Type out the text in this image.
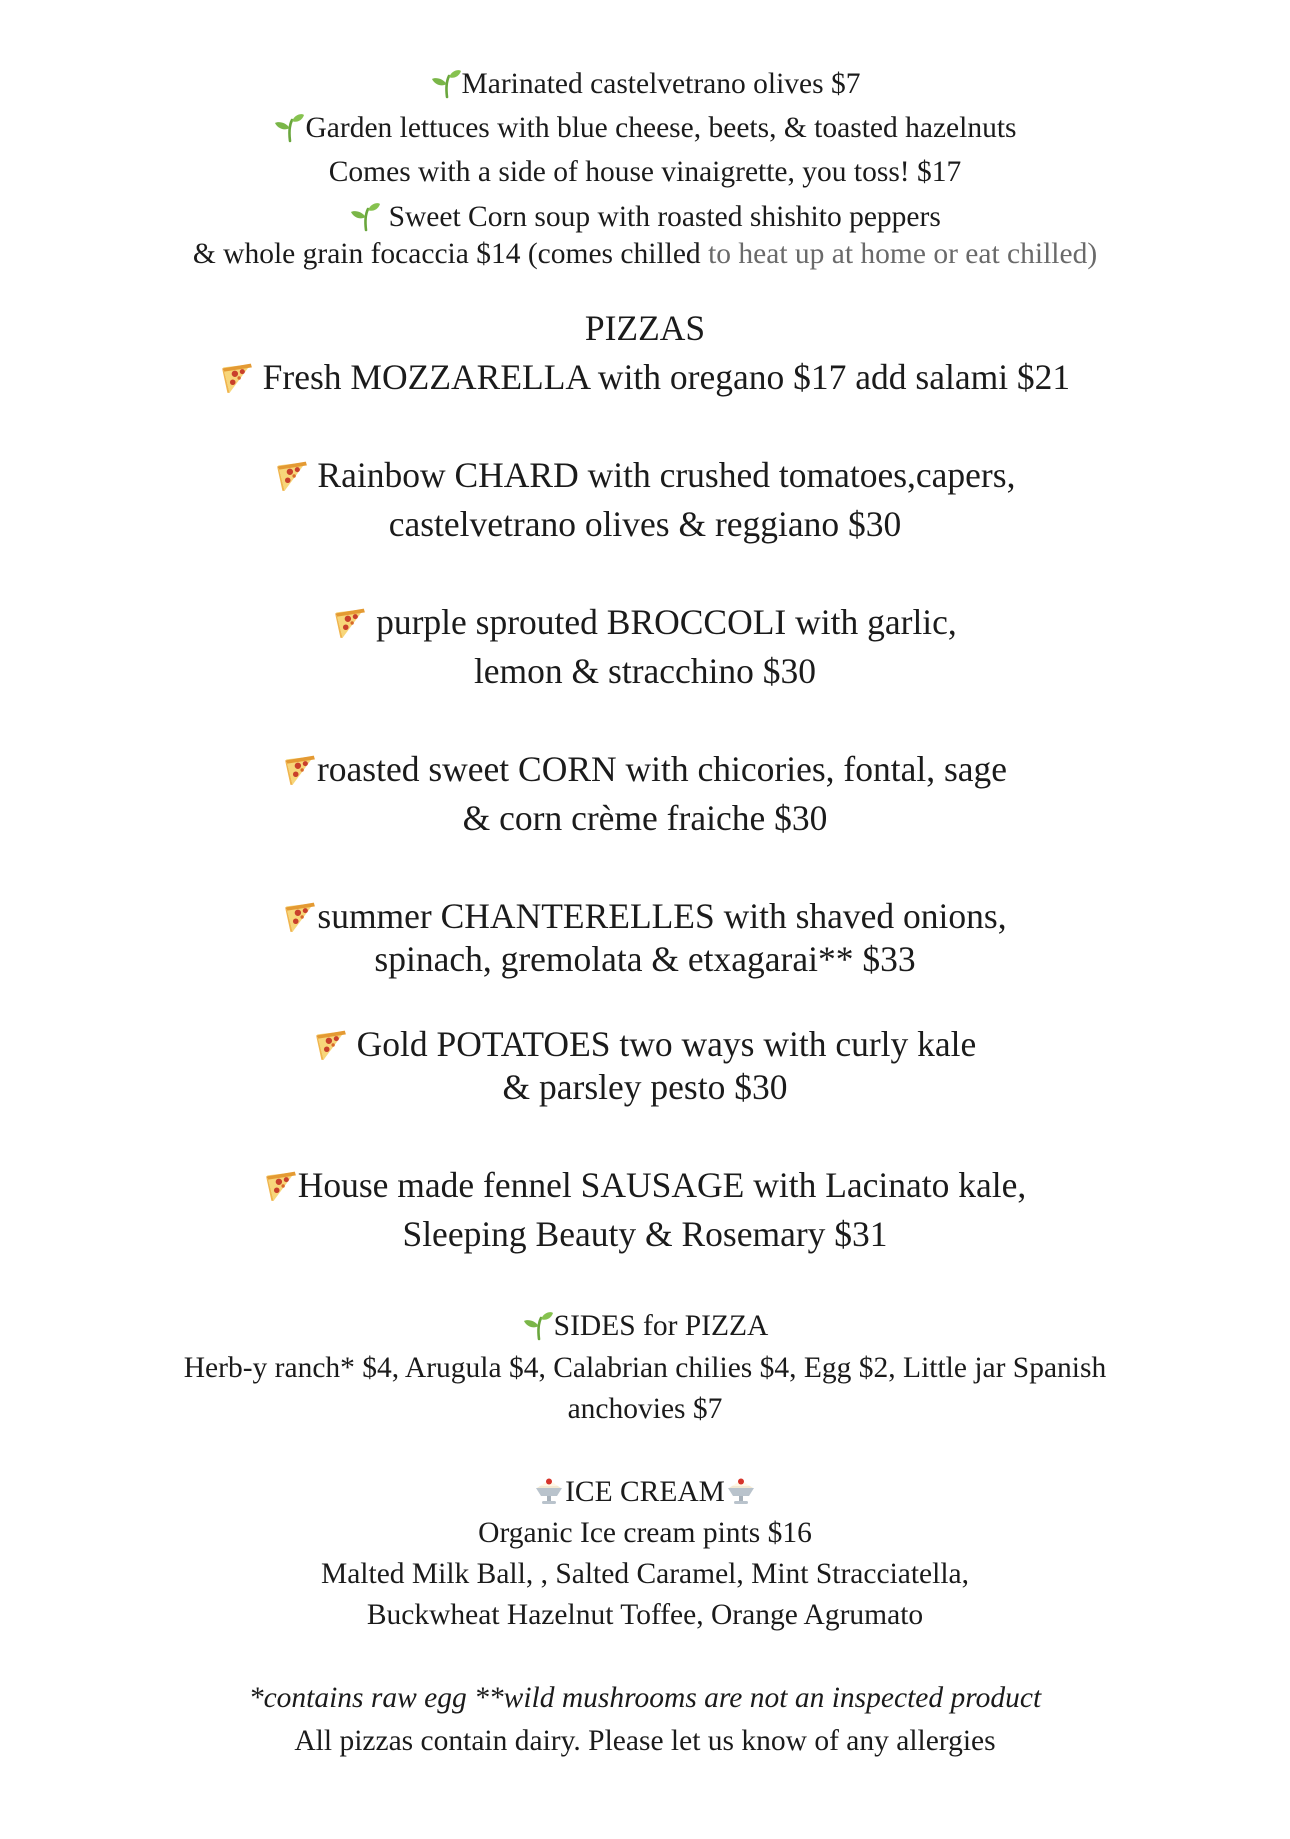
Marinated castelvetrano olives $7
Garden lettuces with blue cheese, beets, & toasted hazelnuts
Comes with a side of house vinaigrette, you toss! $17
Sweet Corn soup with roasted shishito peppers
& whole grain focaccia $14 (comes chilled to heat up at home or eat chilled)
PIZZAS
Fresh MOZZARELLA with oregano $17 add salami $21
Rainbow CHARD with crushed tomatoes,capers,
castelvetrano olives & reggiano $30
purple sprouted BROCCOLI with garlic,
lemon & stracchino $30
roasted sweet CORN with chicories, fontal, sage
& corn crème fraiche $30
summer CHANTERELLES with shaved onions,
spinach, gremolata & etxagarai** $33
Gold POTATOES two ways with curly kale
& parsley pesto $30
House made fennel SAUSAGE with Lacinato kale,
Sleeping Beauty & Rosemary $31
SIDES for PIZZA
Herb-y ranch* $4, Arugula $4, Calabrian chilies $4, Egg $2, Little jar Spanish
anchovies $7
ICE CREAM
Organic Ice cream pints $16
Malted Milk Ball, , Salted Caramel, Mint Stracciatella,
Buckwheat Hazelnut Toffee, Orange Agrumato
*contains raw egg **wild mushrooms are not an inspected product
All pizzas contain dairy. Please let us know of any allergies
